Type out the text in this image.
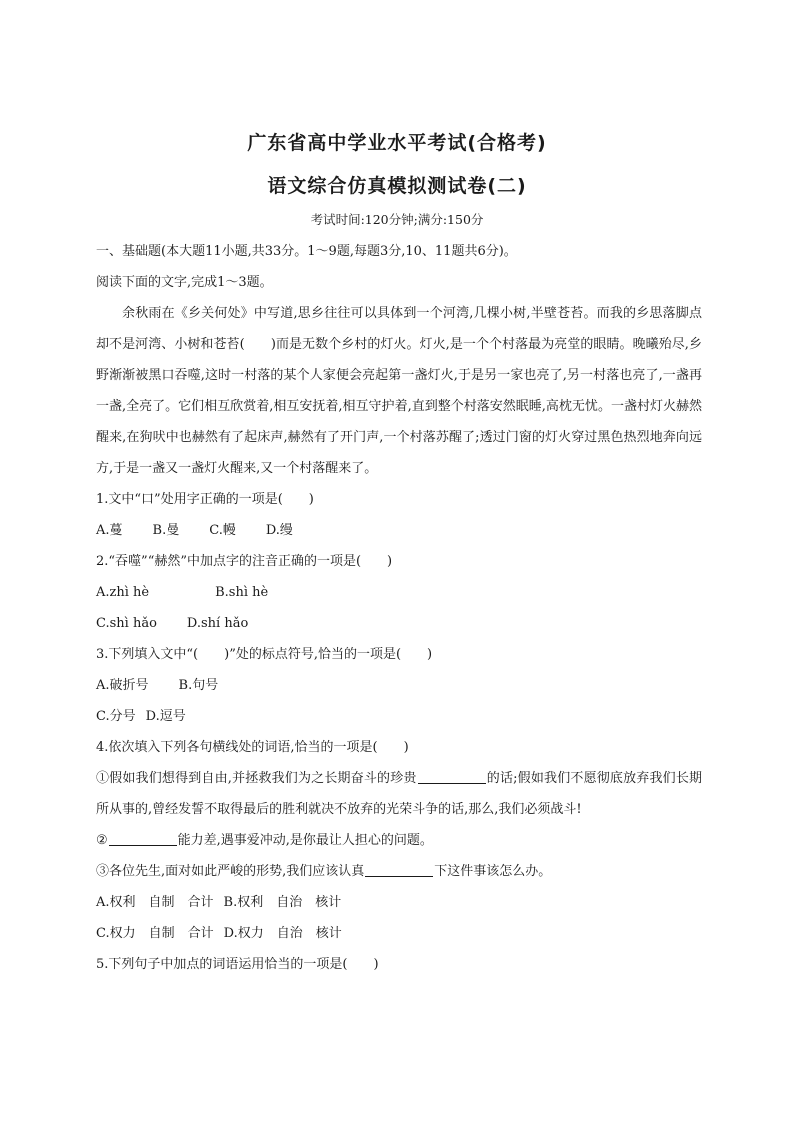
广东省高中学业水平考试(合格考)
语文综合仿真模拟测试卷(二)
考试时间:120分钟;满分:150分
一、基础题(本大题11小题,共33分。1～9题,每题3分,10、11题共6分)。
阅读下面的文字,完成1～3题。
余秋雨在《乡关何处》中写道,思乡往往可以具体到一个河湾,几棵小树,半壁苍苔。而我的乡思落脚点却不是河湾、小树和苍苔(　　)而是无数个乡村的灯火。灯火,是一个个村落最为亮堂的眼睛。晚曦殆尽,乡野渐渐被黑口吞噬,这时一村落的某个人家便会亮起第一盏灯火,于是另一家也亮了,另一村落也亮了,一盏再一盏,全亮了。它们相互欣赏着,相互安抚着,相互守护着,直到整个村落安然眠睡,高枕无忧。一盏村灯火赫然醒来,在狗吠中也赫然有了起床声,赫然有了开门声,一个村落苏醒了;透过门窗的灯火穿过黑色热烈地奔向远方,于是一盏又一盏灯火醒来,又一个村落醒来了。
1.文中“口”处用字正确的一项是(　　)
A.蔓 B.曼 C.幔 D.缦
2.“吞噬”“赫然”中加点字的注音正确的一项是(　　)
A.zhì hè	B.shì hè
C.shì hǎo D.shí hǎo
3.下列填入文中“(　　)”处的标点符号,恰当的一项是(　　)
A.破折号 B.句号
C.分号 D.逗号
4.依次填入下列各句横线处的词语,恰当的一项是(　　)
①假如我们想得到自由,并拯救我们为之长期奋斗的珍贵	的话;假如我们不愿彻底放弃我们长期所从事的,曾经发誓不取得最后的胜利就决不放弃的光荣斗争的话,那么,我们必须战斗!
②	能力差,遇事爱冲动,是你最让人担心的问题。
③各位先生,面对如此严峻的形势,我们应该认真	下这件事该怎么办。
A.权利　自制　合计 B.权利　自治　核计
C.权力　自制　合计 D.权力　自治　核计
5.下列句子中加点的词语运用恰当的一项是(　　)
